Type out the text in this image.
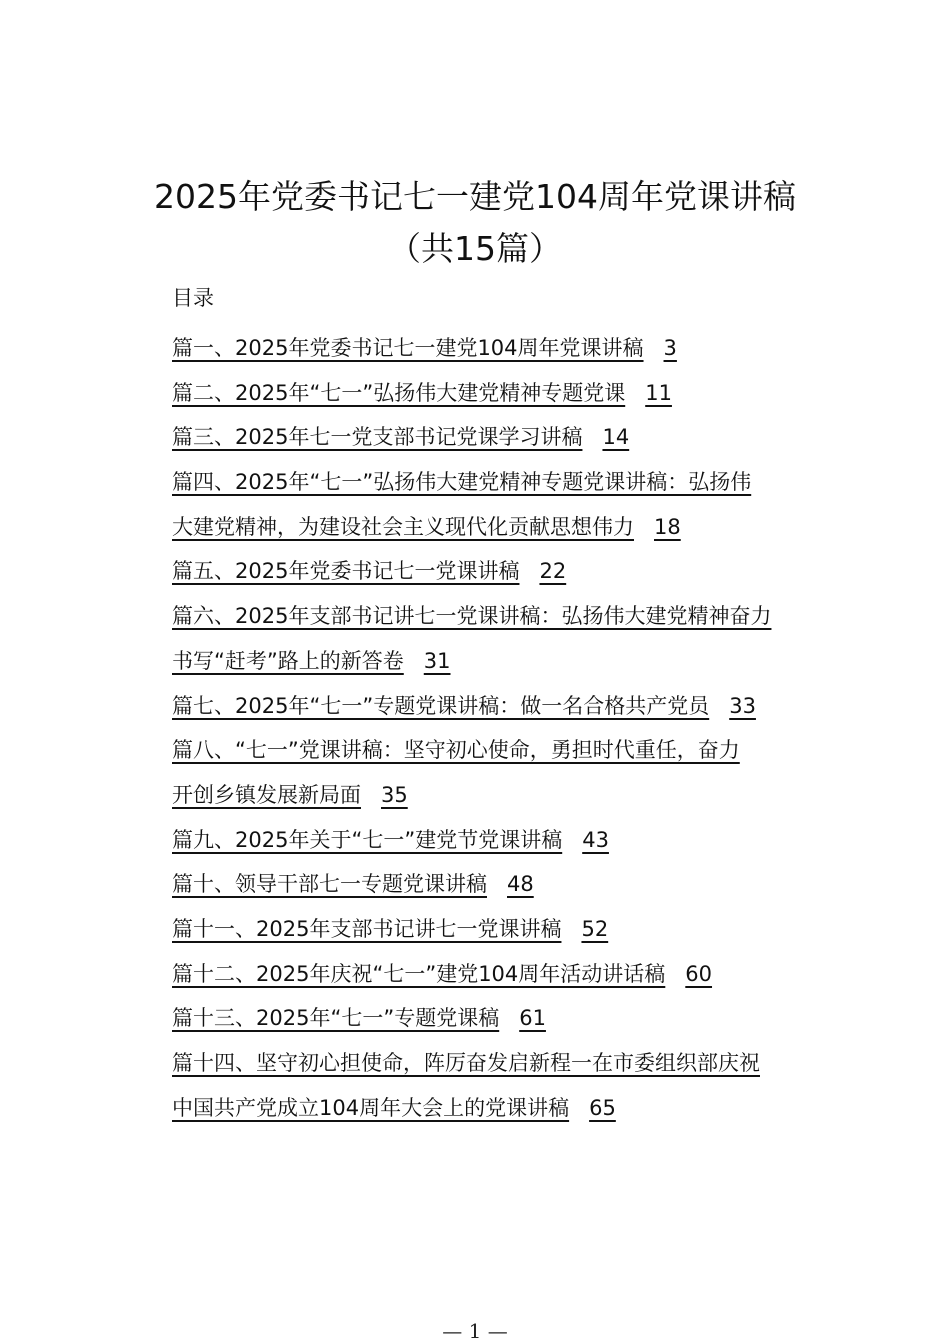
2025年党委书记七一建党104周年党课讲稿
（共15篇）
目录
篇一、2025年党委书记七一建党104周年党课讲稿 3
篇二、2025年“七一”弘扬伟大建党精神专题党课 11
篇三、2025年七一党支部书记党课学习讲稿 14
篇四、2025年“七一”弘扬伟大建党精神专题党课讲稿：弘扬伟
大建党精神，为建设社会主义现代化贡献思想伟力 18
篇五、2025年党委书记七一党课讲稿 22
篇六、2025年支部书记讲七一党课讲稿：弘扬伟大建党精神奋力
书写“赶考”路上的新答卷 31
篇七、2025年“七一”专题党课讲稿：做一名合格共产党员 33
篇八、“七一”党课讲稿：坚守初心使命，勇担时代重任，奋力
开创乡镇发展新局面 35
篇九、2025年关于“七一”建党节党课讲稿 43
篇十、领导干部七一专题党课讲稿 48
篇十一、2025年支部书记讲七一党课讲稿 52
篇十二、2025年庆祝“七一”建党104周年活动讲话稿 60
篇十三、2025年“七一”专题党课稿 61
篇十四、坚守初心担使命，阵厉奋发启新程一在市委组织部庆祝
中国共产党成立104周年大会上的党课讲稿 65
— 1 —
